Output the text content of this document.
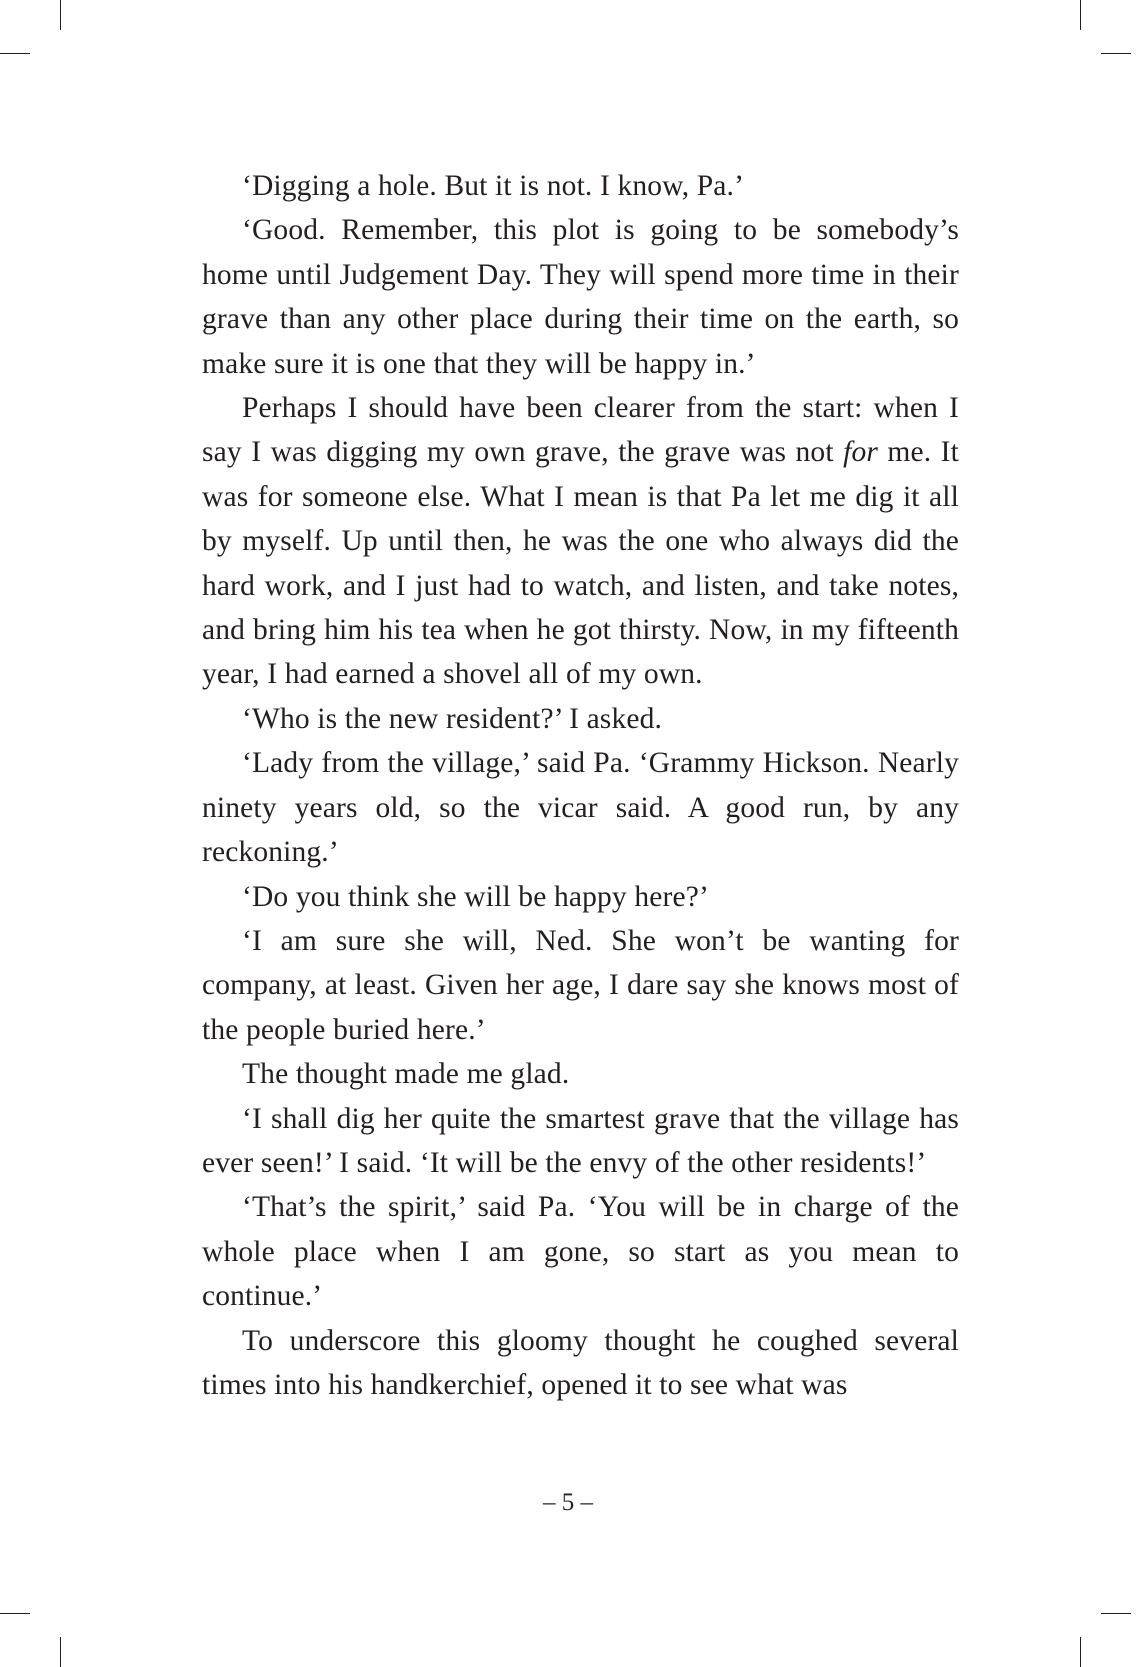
‘Digging a hole. But it is not. I know, Pa.’

‘Good. Remember, this plot is going to be somebody’s home until Judgement Day. They will spend more time in their grave than any other place during their time on the earth, so make sure it is one that they will be happy in.’

Perhaps I should have been clearer from the start: when I say I was digging my own grave, the grave was not for me. It was for someone else. What I mean is that Pa let me dig it all by myself. Up until then, he was the one who always did the hard work, and I just had to watch, and listen, and take notes, and bring him his tea when he got thirsty. Now, in my fifteenth year, I had earned a shovel all of my own.

‘Who is the new resident?’ I asked.

‘Lady from the village,’ said Pa. ‘Grammy Hickson. Nearly ninety years old, so the vicar said. A good run, by any reckoning.’

‘Do you think she will be happy here?’

‘I am sure she will, Ned. She won’t be wanting for company, at least. Given her age, I dare say she knows most of the people buried here.’

The thought made me glad.

‘I shall dig her quite the smartest grave that the village has ever seen!’ I said. ‘It will be the envy of the other residents!’

‘That’s the spirit,’ said Pa. ‘You will be in charge of the whole place when I am gone, so start as you mean to continue.’

To underscore this gloomy thought he coughed several times into his handkerchief, opened it to see what was

– 5 –
